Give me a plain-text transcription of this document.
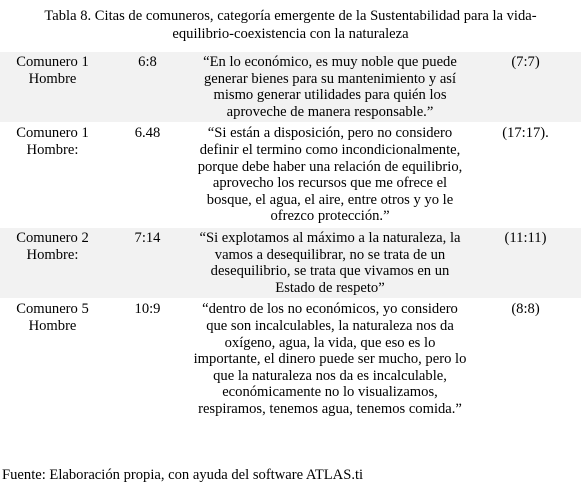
Tabla 8. Citas de comuneros, categoría emergente de la Sustentabilidad para la vida-
equilibrio-coexistencia con la naturaleza
Comunero 1
Hombre	6:8	“En lo económico, es muy noble que puede generar bienes para su mantenimiento y así mismo generar utilidades para quién los aproveche de manera responsable.”	(7:7)

Comunero 1
Hombre:	6.48	“Si están a disposición, pero no considero definir el termino como incondicionalmente, porque debe haber una relación de equilibrio, aprovecho los recursos que me ofrece el bosque, el agua, el aire, entre otros y yo le ofrezco protección.”	(17:17).

Comunero 2
Hombre:	7:14	“Si explotamos al máximo a la naturaleza, la vamos a desequilibrar, no se trata de un desequilibrio, se trata que vivamos en un Estado de respeto”	(11:11)

Comunero 5
Hombre	10:9	“dentro de los no económicos, yo considero que son incalculables, la naturaleza nos da oxígeno, agua, la vida, que eso es lo importante, el dinero puede ser mucho, pero lo que la naturaleza nos da es incalculable, económicamente no lo visualizamos, respiramos, tenemos agua, tenemos comida.”	(8:8)
Fuente: Elaboración propia, con ayuda del software ATLAS.ti
